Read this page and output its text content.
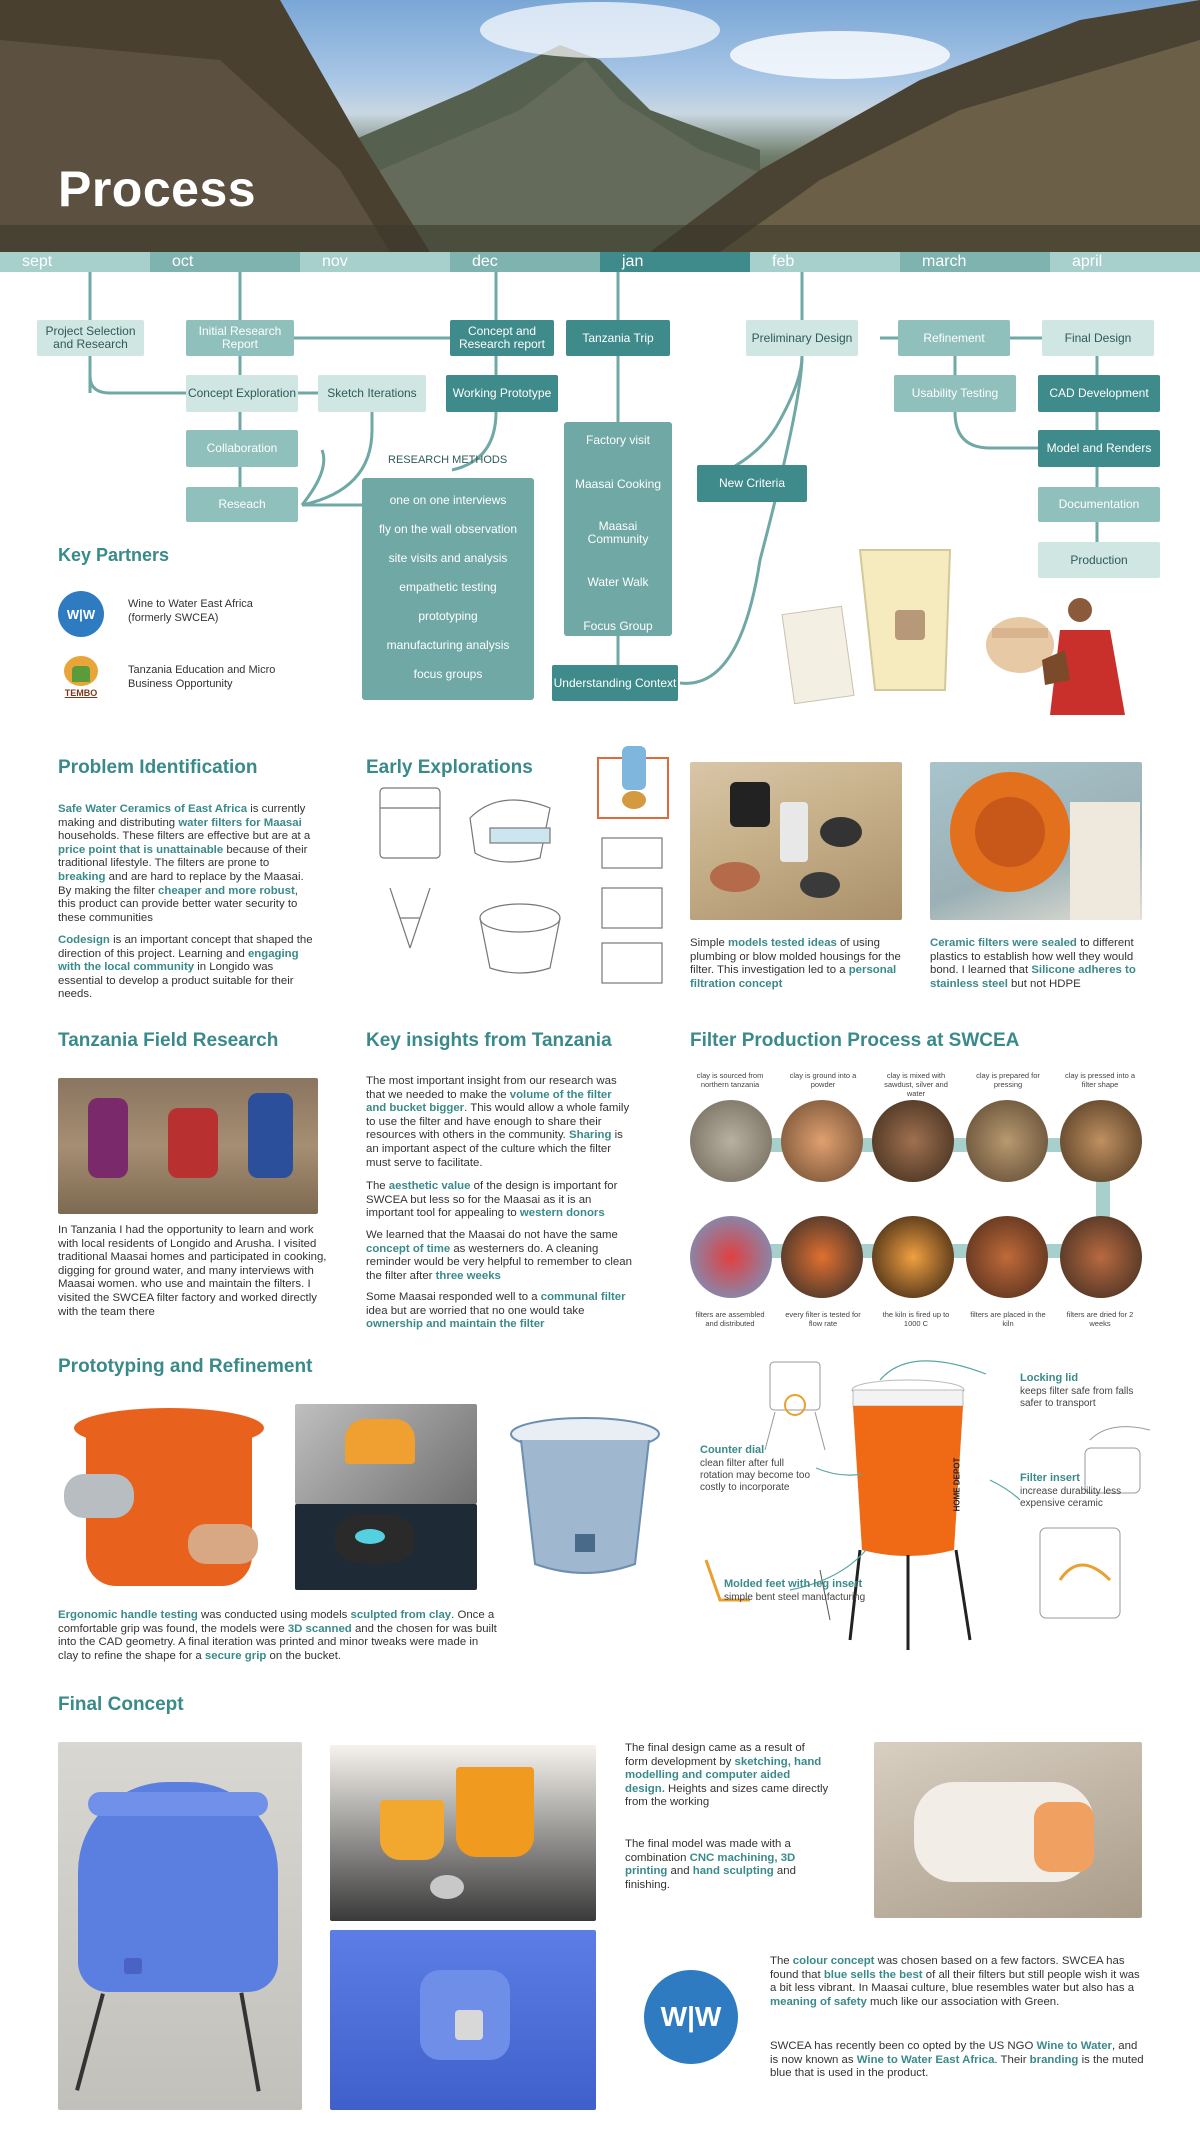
Process
sept	oct	nov	dec	jan	feb	march	april
Project Selection and Research
Initial Research Report
Concept Exploration
Collaboration
Reseach
Sketch Iterations
Concept and Research report
Working Prototype
Tanzania Trip
Factory visit
Maasai Cooking
Maasai Community
Water Walk
Focus Group
New Criteria
Understanding Context
RESEARCH METHODS
one on one interviews
fly on the wall observation
site visits and analysis
empathetic testing
prototyping
manufacturing analysis
focus groups
Preliminary Design	Refinement
Usability Testing
Final Design
CAD Development
Model and Renders
Documentation
Production
Key Partners
W|W
Wine to Water East Africa (formerly SWCEA)
TEMBO
Tanzania Education and Micro Business Opportunity
Problem Identification
Safe Water Ceramics of East Africa is currently making and distributing water filters for Maasai households. These filters are effective but are at a price point that is unattainable because of their traditional lifestyle. The filters are prone to breaking and are hard to replace by the Maasai. By making the filter cheaper and more robust, this product can provide better water security to these communities
Codesign is an important concept that shaped the direction of this project. Learning and engaging with the local community in Longido was essential to develop a product suitable for their needs.
Early Explorations
Simple models tested ideas of using plumbing or blow molded housings for the filter. This investigation led to a personal filtration concept
Ceramic filters were sealed to different plastics to establish how well they would bond. I learned that Silicone adheres to stainless steel but not HDPE
Tanzania Field Research
In Tanzania I had the opportunity to learn and work with local residents of Longido and Arusha. I visited traditional Maasai homes and participated in cooking, digging for ground water, and many interviews with Maasai women. who use and maintain the filters. I visited the SWCEA filter factory and worked directly with the team there
Key insights from Tanzania
The most important insight from our research was that we needed to make the volume of the filter and bucket bigger. This would allow a whole family to use the filter and have enough to share their resources with others in the community. Sharing is an important aspect of the culture which the filter must serve to facilitate.
The aesthetic value of the design is important for SWCEA but less so for the Maasai as it is an important tool for appealing to western donors
We learned that the Maasai do not have the same concept of time as westerners do. A cleaning reminder would be very helpful to remember to clean the filter after three weeks
Some Maasai responded well to a communal filter idea but are worried that no one would take ownership and maintain the filter
Filter Production Process at SWCEA
clay is sourced from northern tanzania
clay is ground into a powder
clay is mixed with sawdust, silver and water
clay is prepared for pressing
clay is pressed into a filter shape
filters are assembled and distributed
every filter is tested for flow rate
the kiln is fired up to 1000 C
filters are placed in the kiln
filters are dried for 2 weeks
Prototyping and Refinement
Ergonomic handle testing was conducted using models sculpted from clay. Once a comfortable grip was found, the models were 3D scanned and the chosen for was built into the CAD geometry. A final iteration was printed and minor tweaks were made in clay to refine the shape for a secure grip on the bucket.
HOME DEPOT
Locking lid
keeps filter safe from falls safer to transport
Counter dial
clean filter after full rotation may become too costly to incorporate
Filter insert
increase durability less expensive ceramic
Molded feet with leg insert
simple bent steel manufacturing
Final Concept
The final design came as a result of form development by sketching, hand modelling and computer aided design. Heights and sizes came directly from the working
The final model was made with a combination CNC machining, 3D printing and hand sculpting and finishing.
W|W
The colour concept was chosen based on a few factors. SWCEA has found that blue sells the best of all their filters but still people wish it was a bit less vibrant. In Maasai culture, blue resembles water but also has a meaning of safety much like our association with Green.
SWCEA has recently been co opted by the US NGO Wine to Water, and is now known as Wine to Water East Africa. Their branding is the muted blue that is used in the product.
